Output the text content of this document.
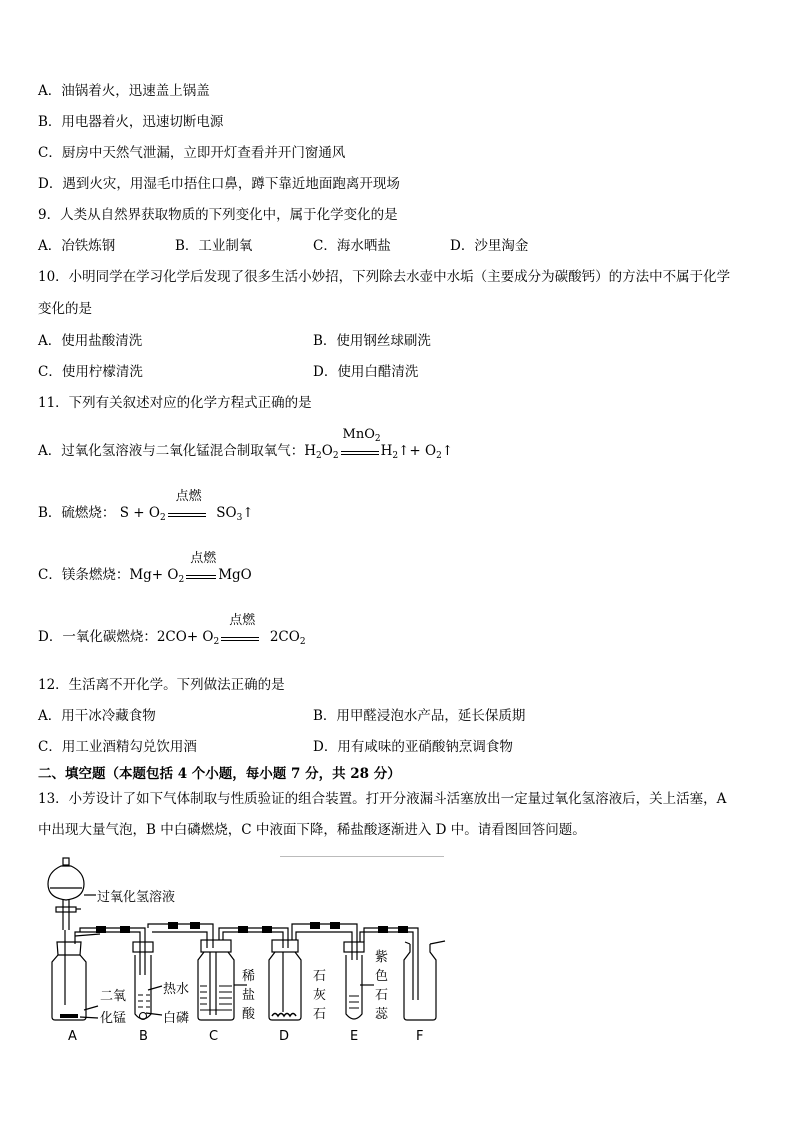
A．油锅着火，迅速盖上锅盖
B．用电器着火，迅速切断电源
C．厨房中天然气泄漏，立即开灯查看并开门窗通风
D．遇到火灾，用湿毛巾捂住口鼻，蹲下靠近地面跑离开现场
9．人类从自然界获取物质的下列变化中，属于化学变化的是
A．冶铁炼钢	B．工业制氧	C．海水晒盐	D．沙里淘金
10．小明同学在学习化学后发现了很多生活小妙招，下列除去水壶中水垢（主要成分为碳酸钙）的方法中不属于化学
变化的是
A．使用盐酸清洗	B．使用钢丝球刷洗
C．使用柠檬清洗	D．使用白醋清洗
11．下列有关叙述对应的化学方程式正确的是
A．过氧化氢溶液与二氧化锰混合制取氧气：$H_2O_2$
MnO$_2$
$H_2↑+$ $O_2↑$
B．硫燃烧： $S + O_2$
点燃
$SO_3↑$
C．镁条燃烧：$Mg+ O_2$
点燃
MgO
D．一氧化碳燃烧：$2CO+ O_2$
点燃
$2CO_2$
12．生活离不开化学。下列做法正确的是
A．用干冰冷藏食物	B．用甲醛浸泡水产品，延长保质期
C．用工业酒精勾兑饮用酒	D．用有咸味的亚硝酸钠烹调食物
二、填空题（本题包括 4 个小题，每小题 7 分，共 28 分）
13．小芳设计了如下气体制取与性质验证的组合装置。打开分液漏斗活塞放出一定量过氧化氢溶液后，关上活塞，A
中出现大量气泡，B 中白磷燃烧，C 中液面下降，稀盐酸逐渐进入 D 中。请看图回答问题。
过氧化氢溶液
二氧
化锰
热水
白磷
稀
盐
酸
石
灰
石
紫
色
石
蕊
A	B	C	D	E	F
